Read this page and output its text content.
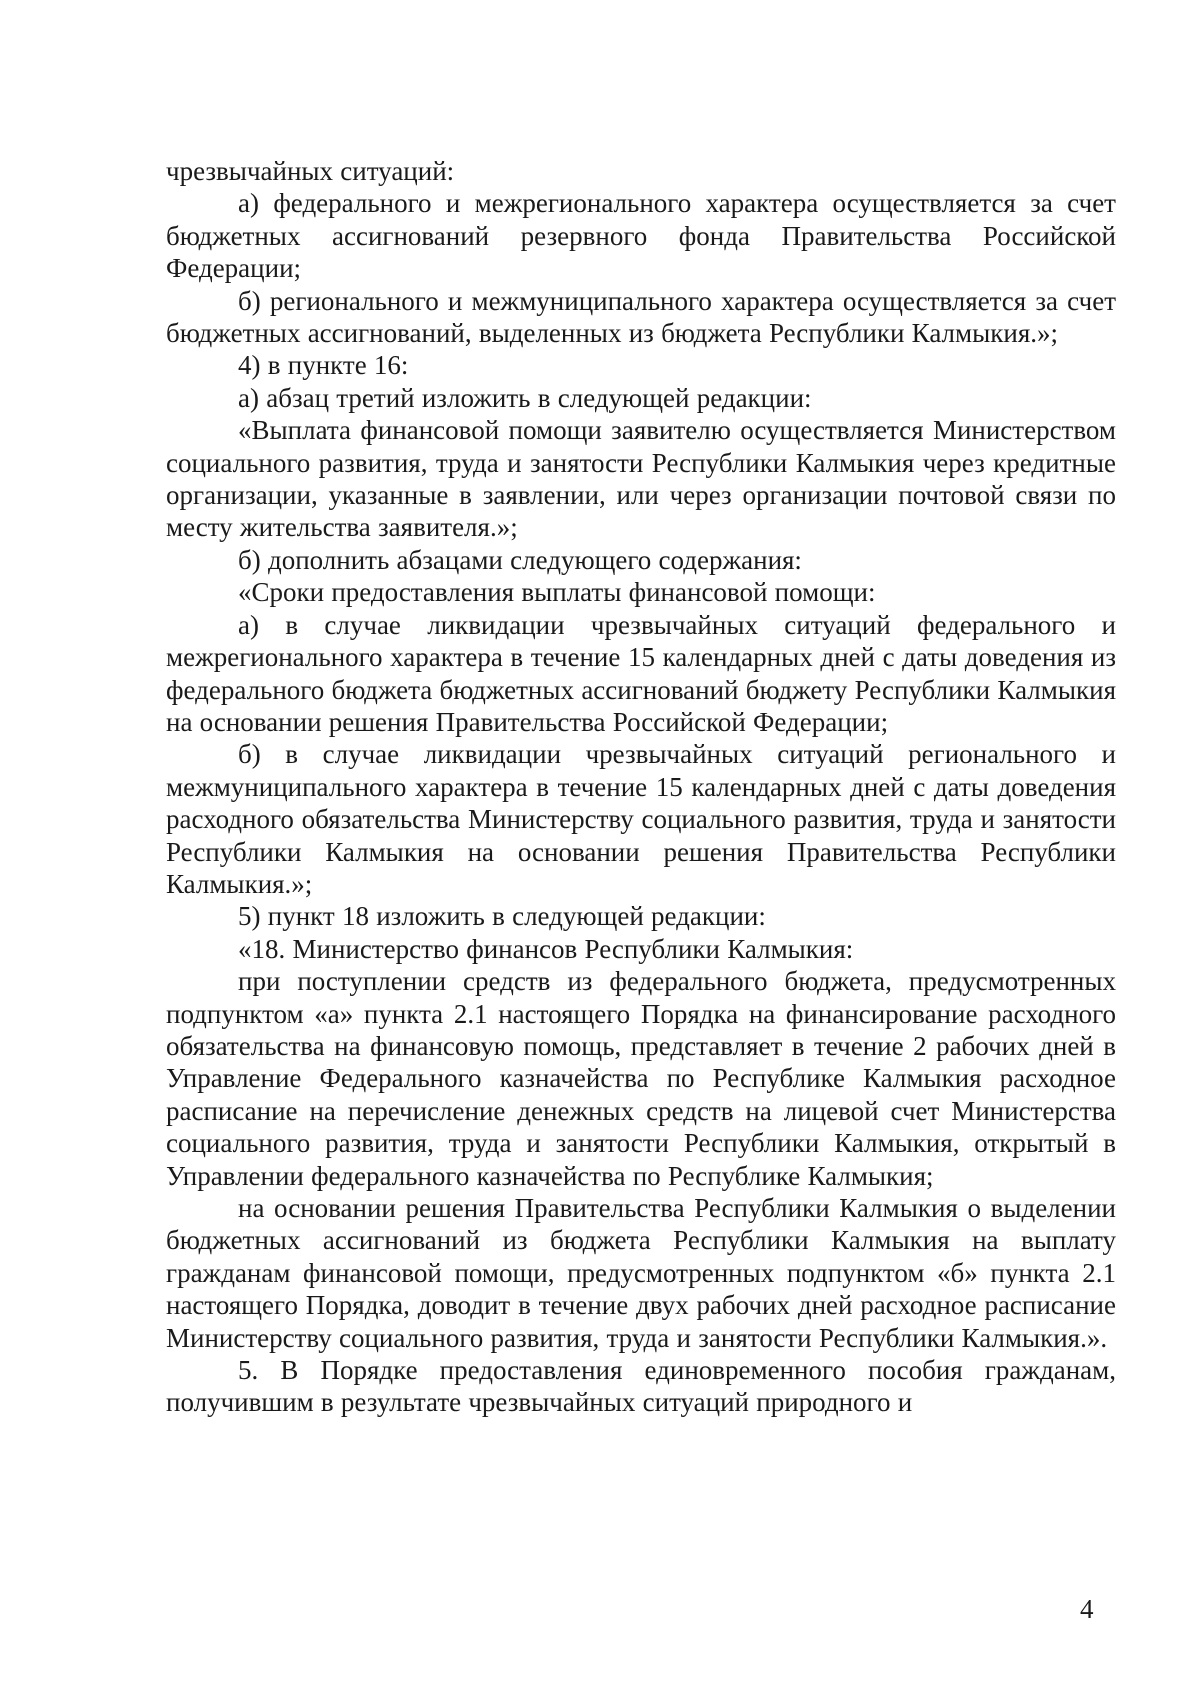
чрезвычайных ситуаций:

а) федерального и межрегионального характера осуществляется за счет бюджетных ассигнований резервного фонда Правительства Российской Федерации;

б) регионального и межмуниципального характера осуществляется за счет бюджетных ассигнований, выделенных из бюджета Республики Калмыкия.»;

4) в пункте 16:

а) абзац третий изложить в следующей редакции:

«Выплата финансовой помощи заявителю осуществляется Министерством социального развития, труда и занятости Республики Калмыкия через кредитные организации, указанные в заявлении, или через организации почтовой связи по месту жительства заявителя.»;

б) дополнить абзацами следующего содержания:

«Сроки предоставления выплаты финансовой помощи:

а) в случае ликвидации чрезвычайных ситуаций федерального и межрегионального характера в течение 15 календарных дней с даты доведения из федерального бюджета бюджетных ассигнований бюджету Республики Калмыкия на основании решения Правительства Российской Федерации;

б) в случае ликвидации чрезвычайных ситуаций регионального и межмуниципального характера в течение 15 календарных дней с даты доведения расходного обязательства Министерству социального развития, труда и занятости Республики Калмыкия на основании решения Правительства Республики Калмыкия.»;

5) пункт 18 изложить в следующей редакции:

«18. Министерство финансов Республики Калмыкия:

при поступлении средств из федерального бюджета, предусмотренных подпунктом «а» пункта 2.1 настоящего Порядка на финансирование расходного обязательства на финансовую помощь, представляет в течение 2 рабочих дней в Управление Федерального казначейства по Республике Калмыкия расходное расписание на перечисление денежных средств на лицевой счет Министерства социального развития, труда и занятости Республики Калмыкия, открытый в Управлении федерального казначейства по Республике Калмыкия;

на основании решения Правительства Республики Калмыкия о выделении бюджетных ассигнований из бюджета Республики Калмыкия на выплату гражданам финансовой помощи, предусмотренных подпунктом «б» пункта 2.1 настоящего Порядка, доводит в течение двух рабочих дней расходное расписание Министерству социального развития, труда и занятости Республики Калмыкия.».

5. В Порядке предоставления единовременного пособия гражданам, получившим в результате чрезвычайных ситуаций природного и

4
